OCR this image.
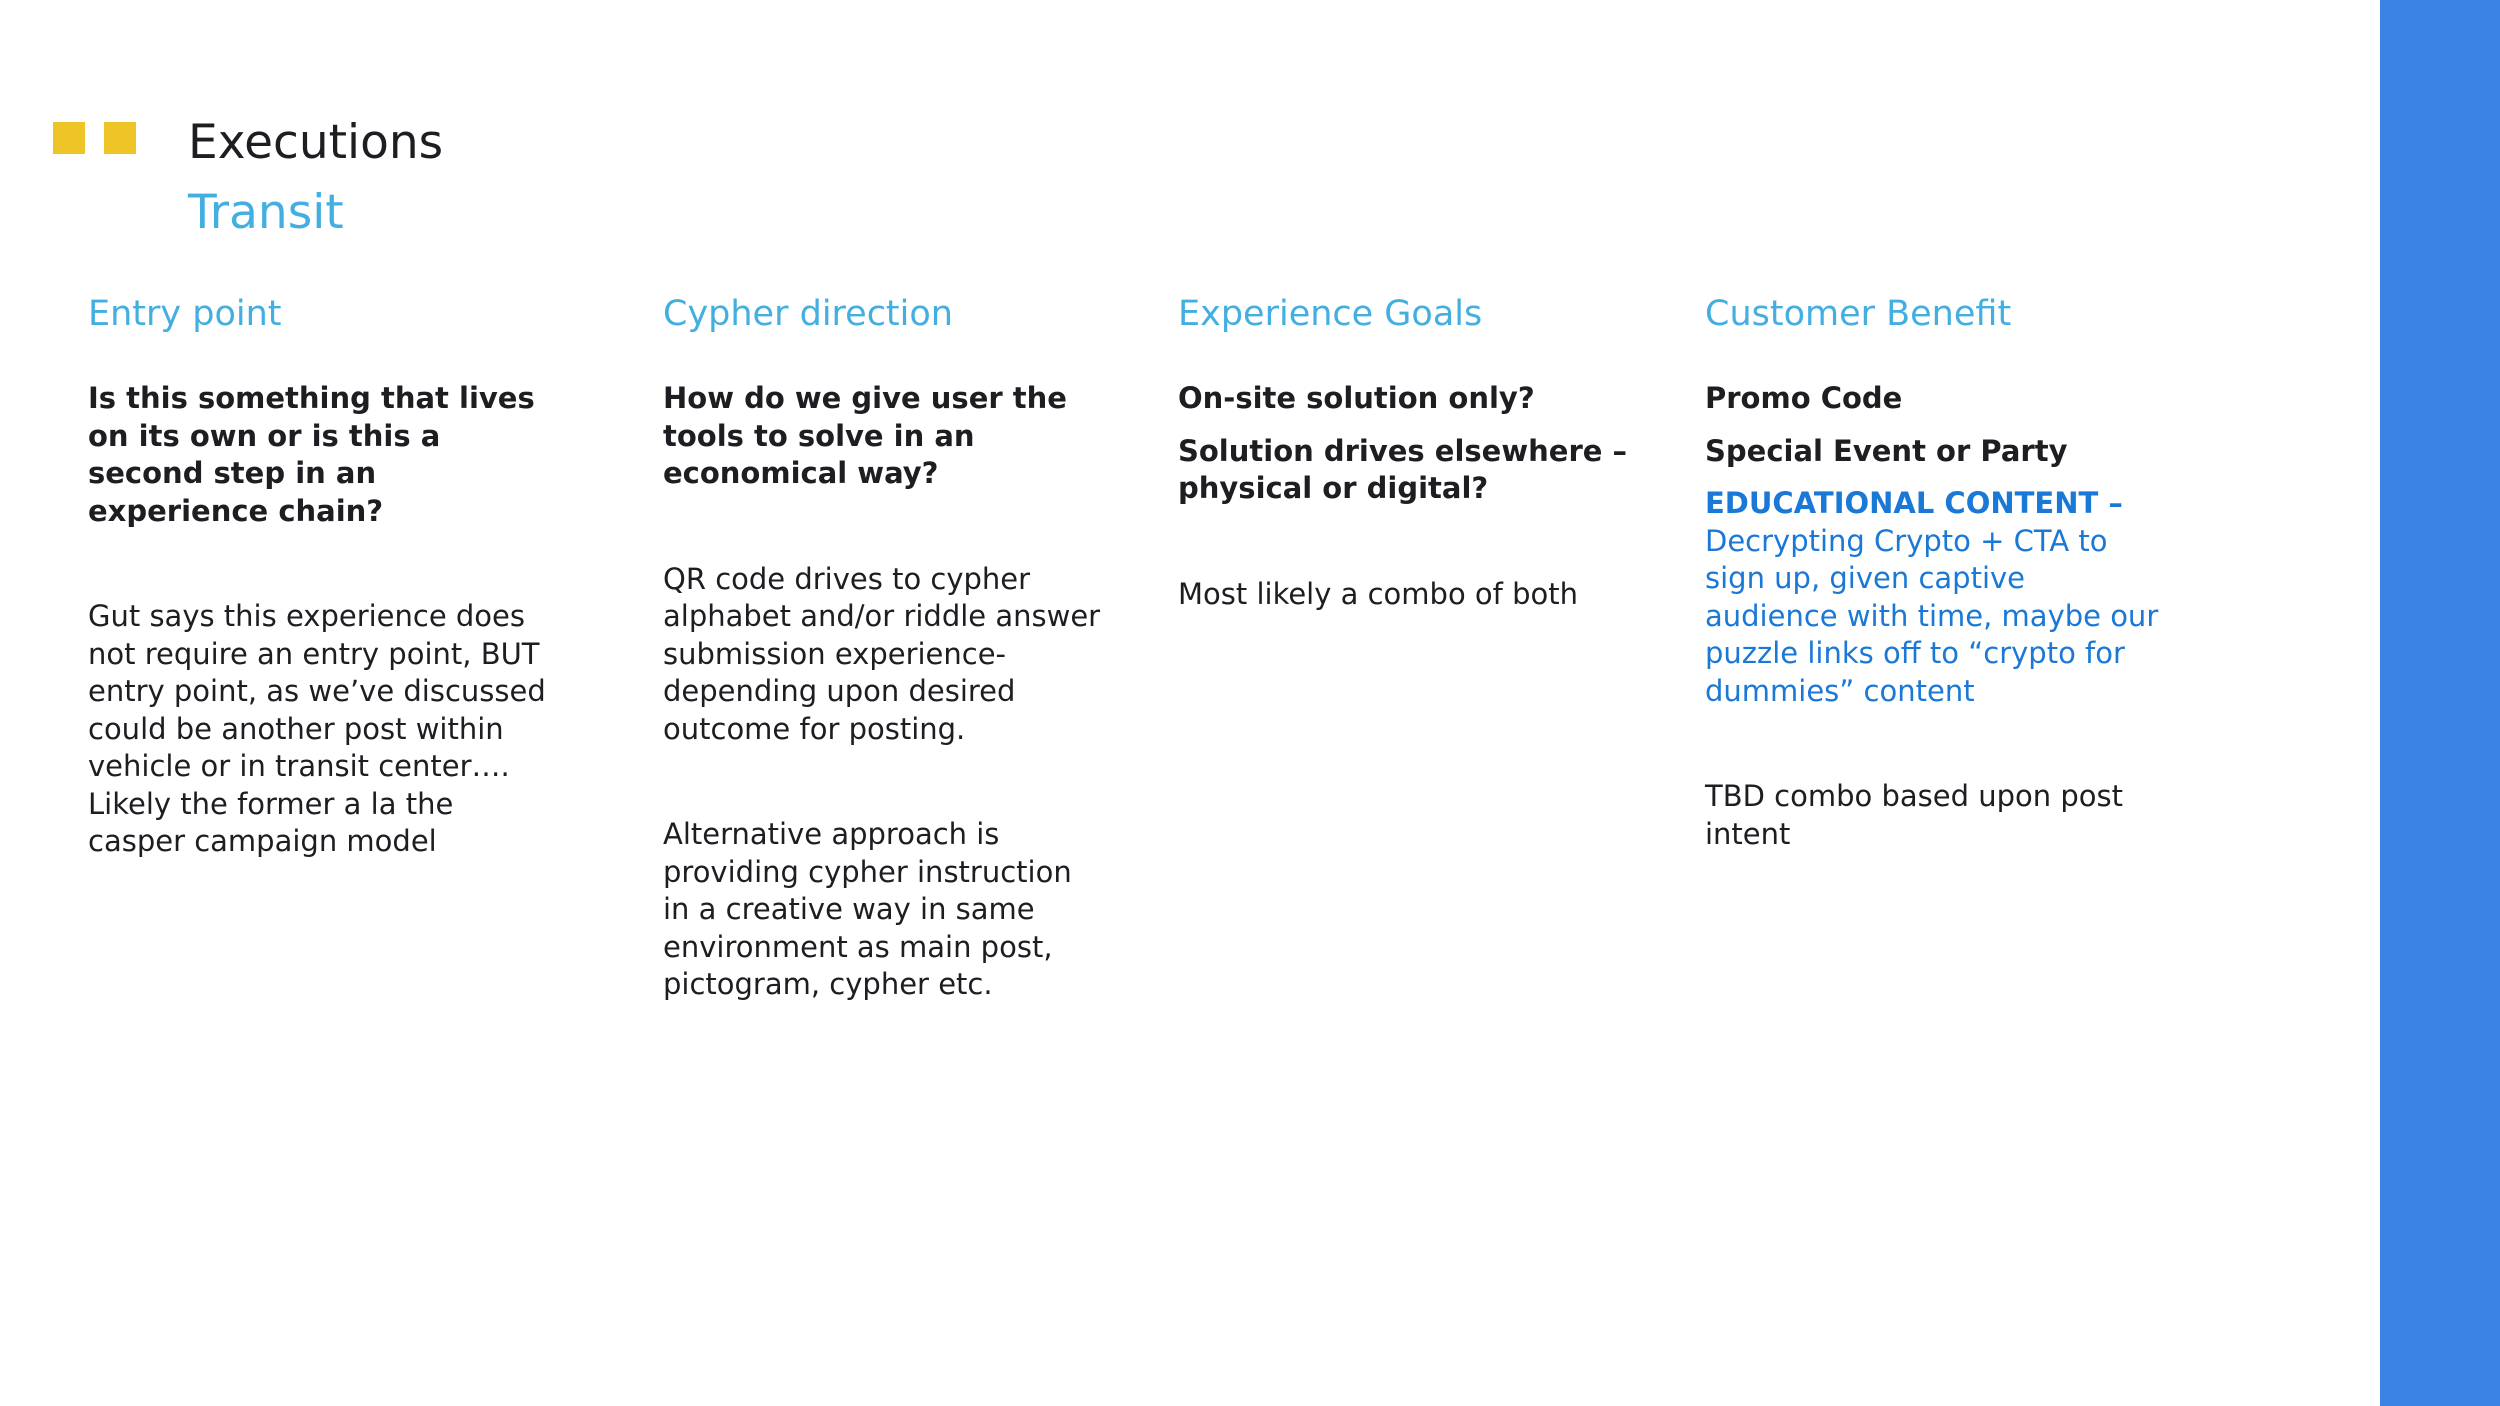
Executions
Transit
Entry point

Is this something that lives on its own or is this a second step in an experience chain?

Gut says this experience does not require an entry point, BUT entry point, as we’ve discussed could be another post within vehicle or in transit center…. Likely the former a la the casper campaign model

Cypher direction

How do we give user the tools to solve in an economical way?

QR code drives to cypher alphabet and/or riddle answer submission experience-depending upon desired outcome for posting.

Alternative approach is providing cypher instruction in a creative way in same environment as main post, pictogram, cypher etc.

Experience Goals

On-site solution only?

Solution drives elsewhere – physical or digital?

Most likely a combo of both

Customer Benefit

Promo Code

Special Event or Party

EDUCATIONAL CONTENT –

Decrypting Crypto + CTA to sign up, given captive audience with time, maybe our puzzle links off to “crypto for dummies” content

TBD combo based upon post intent
